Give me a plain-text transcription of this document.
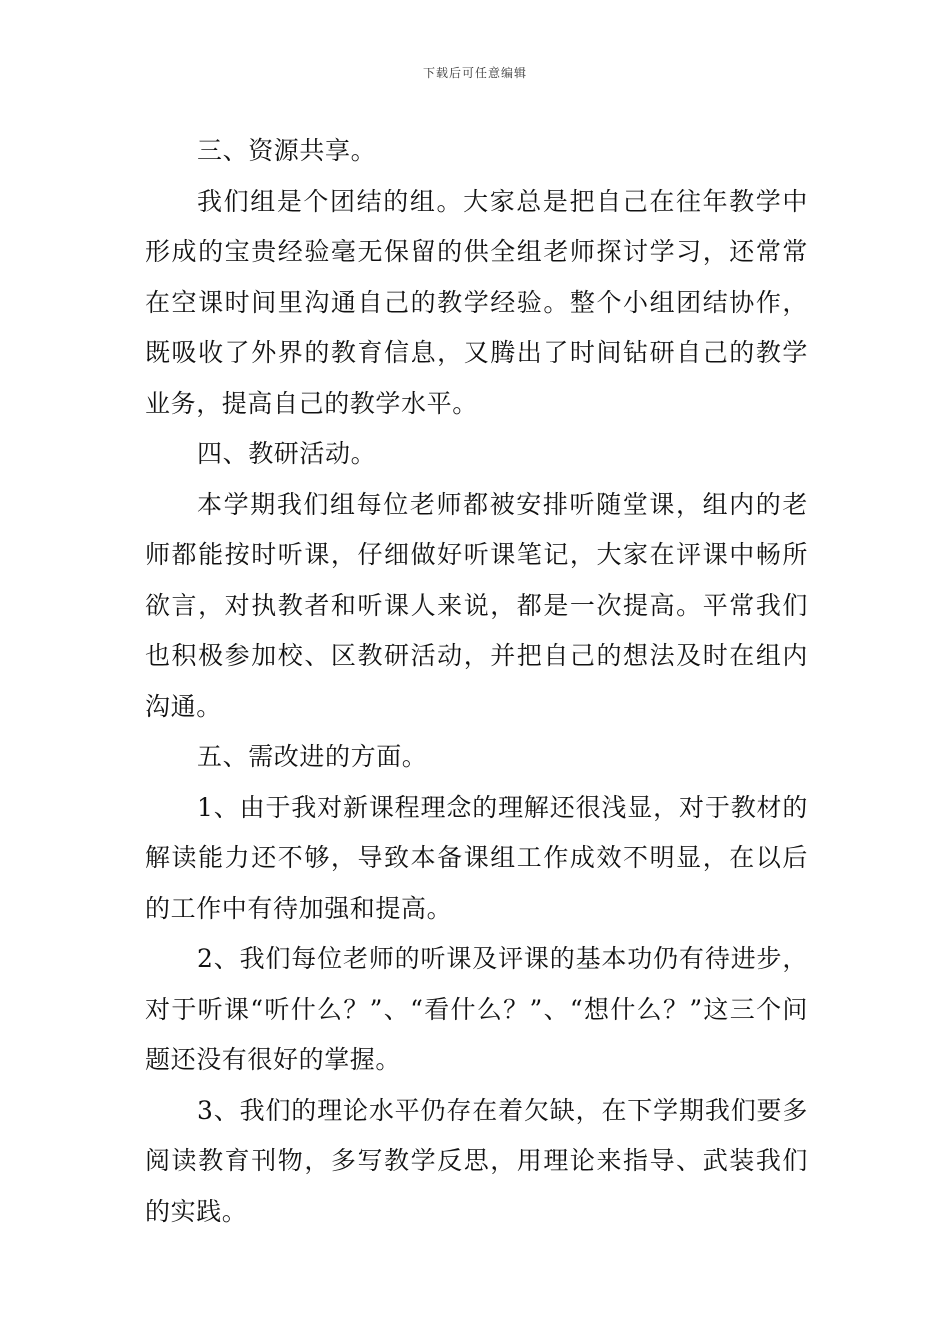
下载后可任意编辑

三、资源共享。

我们组是个团结的组。大家总是把自己在往年教学中形成的宝贵经验毫无保留的供全组老师探讨学习，还常常在空课时间里沟通自己的教学经验。整个小组团结协作，既吸收了外界的教育信息，又腾出了时间钻研自己的教学业务，提高自己的教学水平。

四、教研活动。

本学期我们组每位老师都被安排听随堂课，组内的老师都能按时听课，仔细做好听课笔记，大家在评课中畅所欲言，对执教者和听课人来说，都是一次提高。平常我们也积极参加校、区教研活动，并把自己的想法及时在组内沟通。

五、需改进的方面。

1、由于我对新课程理念的理解还很浅显，对于教材的解读能力还不够，导致本备课组工作成效不明显，在以后的工作中有待加强和提高。

2、我们每位老师的听课及评课的基本功仍有待进步，对于听课“听什么？”、“看什么？”、“想什么？”这三个问题还没有很好的掌握。

3、我们的理论水平仍存在着欠缺，在下学期我们要多阅读教育刊物，多写教学反思，用理论来指导、武装我们的实践。
